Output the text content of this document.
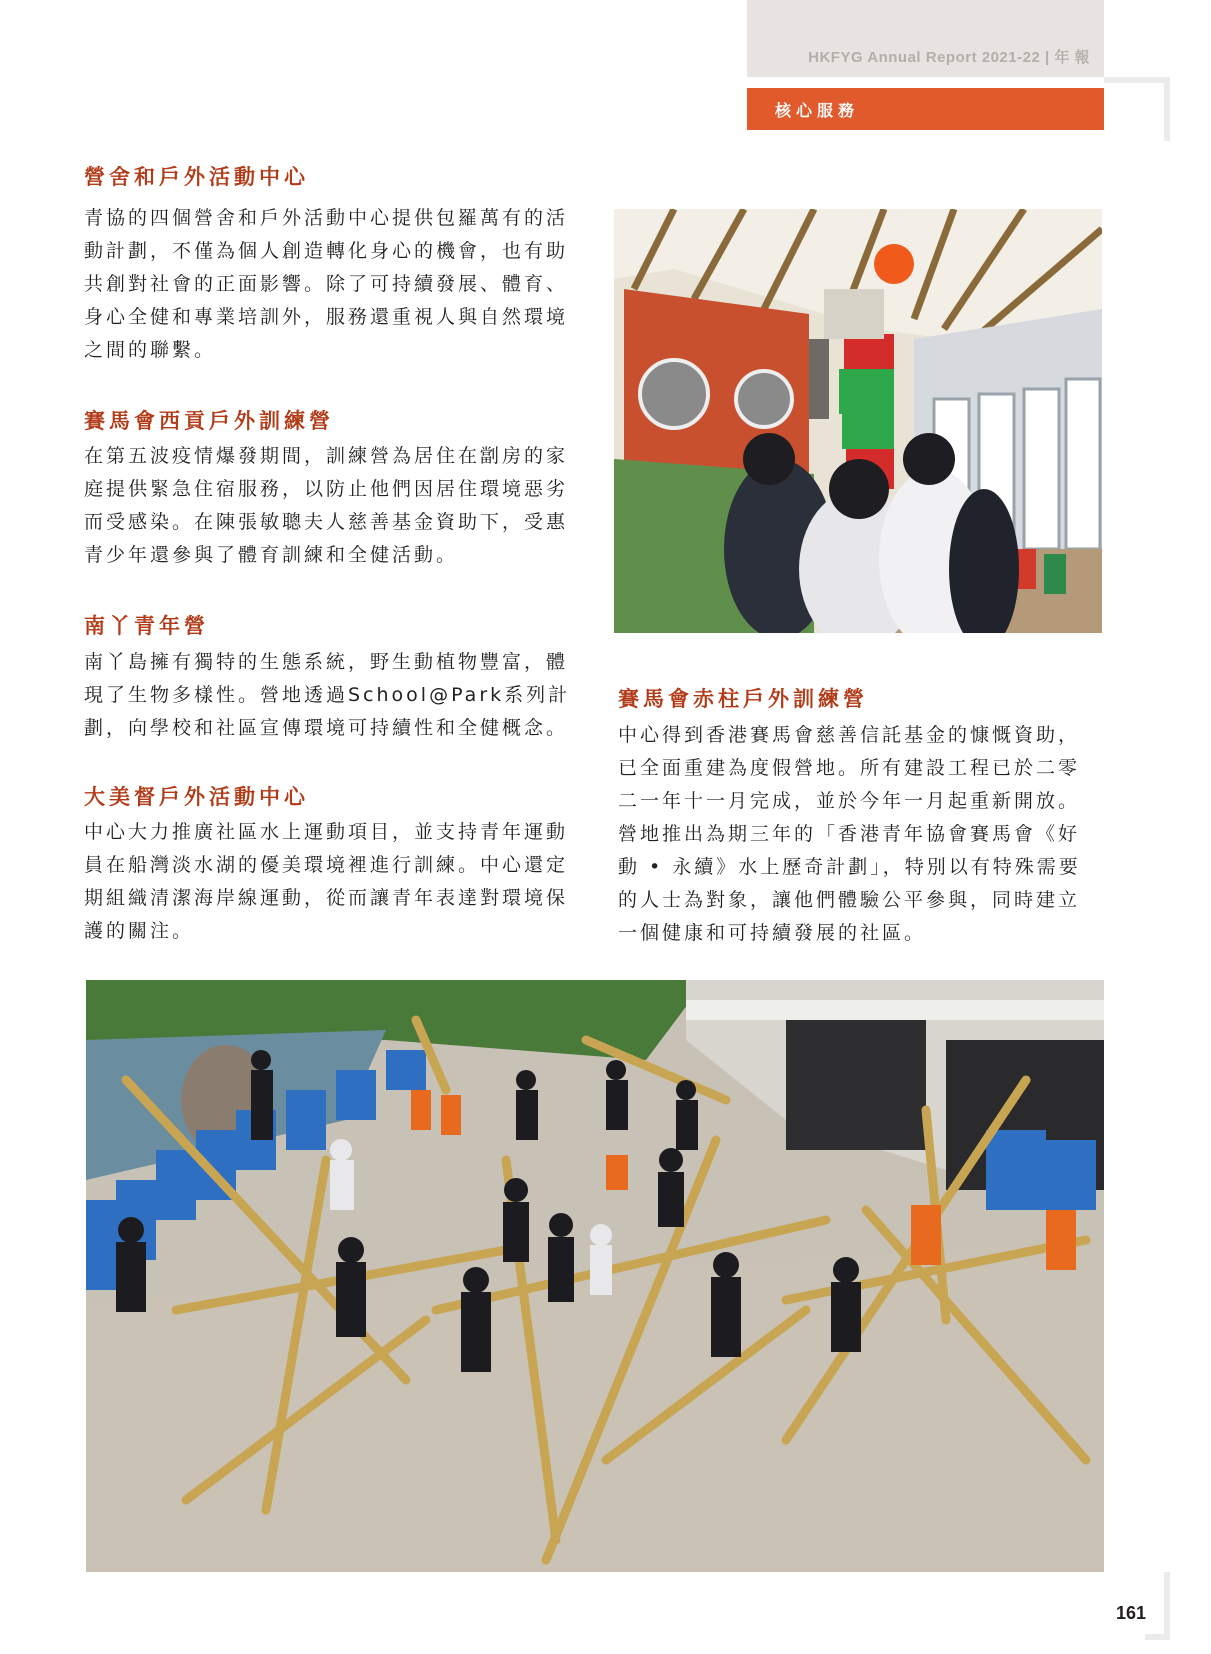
HKFYG Annual Report 2021-22 | 年 報
核心服務
營舍和戶外活動中心

青協的四個營舍和戶外活動中心提供包羅萬有的活動計劃，不僅為個人創造轉化身心的機會，也有助共創對社會的正面影響。除了可持續發展、體育、身心全健和專業培訓外，服務還重視人與自然環境之間的聯繫。

賽馬會西貢戶外訓練營

在第五波疫情爆發期間，訓練營為居住在劏房的家庭提供緊急住宿服務，以防止他們因居住環境惡劣而受感染。在陳張敏聰夫人慈善基金資助下，受惠青少年還參與了體育訓練和全健活動。

南丫青年營

南丫島擁有獨特的生態系統，野生動植物豐富，體現了生物多樣性。營地透過School@Park系列計劃，向學校和社區宣傳環境可持續性和全健概念。

大美督戶外活動中心

中心大力推廣社區水上運動項目，並支持青年運動員在船灣淡水湖的優美環境裡進行訓練。中心還定期組織清潔海岸線運動，從而讓青年表達對環境保護的關注。

賽馬會赤柱戶外訓練營

中心得到香港賽馬會慈善信託基金的慷慨資助，已全面重建為度假營地。所有建設工程已於二零二一年十一月完成，並於今年一月起重新開放。營地推出為期三年的「香港青年協會賽馬會《好動 • 永續》水上歷奇計劃」，特別以有特殊需要的人士為對象，讓他們體驗公平參與，同時建立一個健康和可持續發展的社區。

161
